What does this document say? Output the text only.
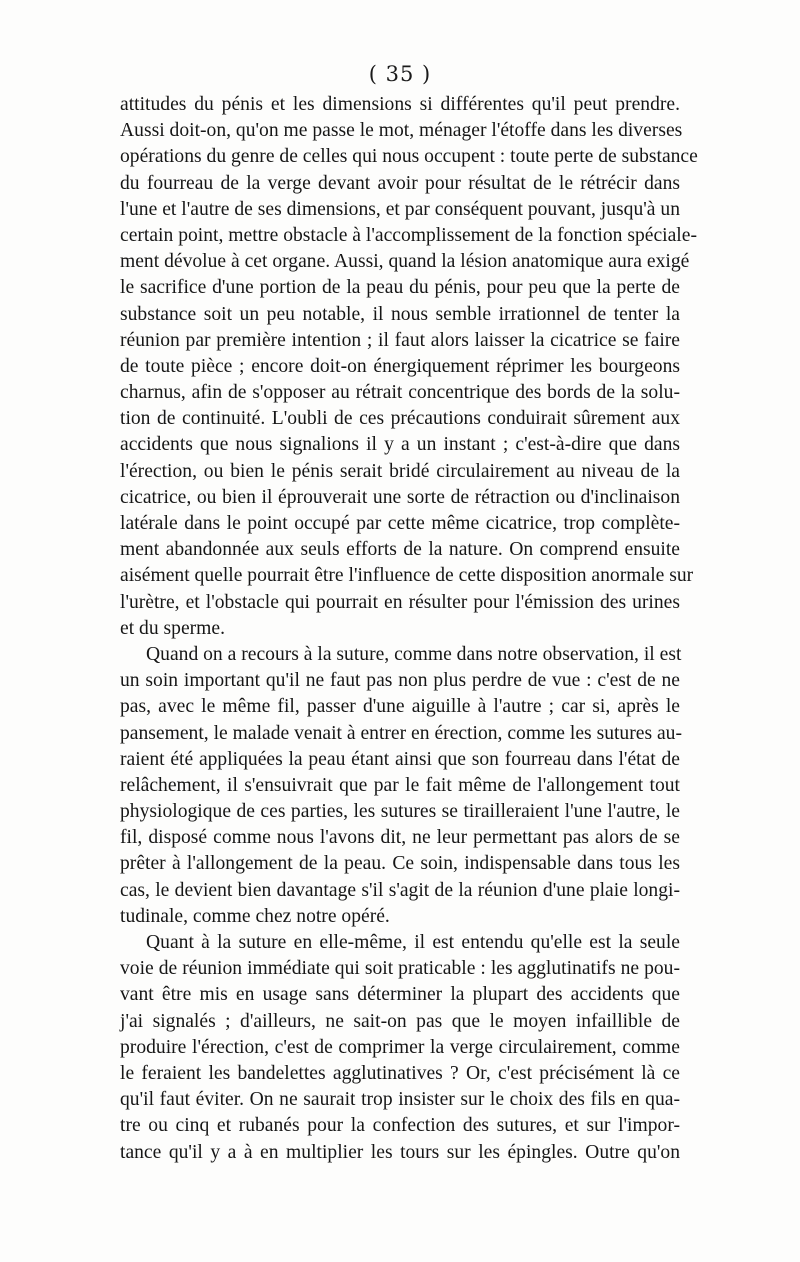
( 35 )
attitudes du pénis et les dimensions si différentes qu'il peut prendre.
Aussi doit-on, qu'on me passe le mot, ménager l'étoffe dans les diverses
opérations du genre de celles qui nous occupent : toute perte de substance
du fourreau de la verge devant avoir pour résultat de le rétrécir dans
l'une et l'autre de ses dimensions, et par conséquent pouvant, jusqu'à un
certain point, mettre obstacle à l'accomplissement de la fonction spéciale-
ment dévolue à cet organe. Aussi, quand la lésion anatomique aura exigé
le sacrifice d'une portion de la peau du pénis, pour peu que la perte de
substance soit un peu notable, il nous semble irrationnel de tenter la
réunion par première intention ; il faut alors laisser la cicatrice se faire
de toute pièce ; encore doit-on énergiquement réprimer les bourgeons
charnus, afin de s'opposer au rétrait concentrique des bords de la solu-
tion de continuité. L'oubli de ces précautions conduirait sûrement aux
accidents que nous signalions il y a un instant ; c'est-à-dire que dans
l'érection, ou bien le pénis serait bridé circulairement au niveau de la
cicatrice, ou bien il éprouverait une sorte de rétraction ou d'inclinaison
latérale dans le point occupé par cette même cicatrice, trop complète-
ment abandonnée aux seuls efforts de la nature. On comprend ensuite
aisément quelle pourrait être l'influence de cette disposition anormale sur
l'urètre, et l'obstacle qui pourrait en résulter pour l'émission des urines
et du sperme.
Quand on a recours à la suture, comme dans notre observation, il est
un soin important qu'il ne faut pas non plus perdre de vue : c'est de ne
pas, avec le même fil, passer d'une aiguille à l'autre ; car si, après le
pansement, le malade venait à entrer en érection, comme les sutures au-
raient été appliquées la peau étant ainsi que son fourreau dans l'état de
relâchement, il s'ensuivrait que par le fait même de l'allongement tout
physiologique de ces parties, les sutures se tirailleraient l'une l'autre, le
fil, disposé comme nous l'avons dit, ne leur permettant pas alors de se
prêter à l'allongement de la peau. Ce soin, indispensable dans tous les
cas, le devient bien davantage s'il s'agit de la réunion d'une plaie longi-
tudinale, comme chez notre opéré.
Quant à la suture en elle-même, il est entendu qu'elle est la seule
voie de réunion immédiate qui soit praticable : les agglutinatifs ne pou-
vant être mis en usage sans déterminer la plupart des accidents que
j'ai signalés ; d'ailleurs, ne sait-on pas que le moyen infaillible de
produire l'érection, c'est de comprimer la verge circulairement, comme
le feraient les bandelettes agglutinatives ? Or, c'est précisément là ce
qu'il faut éviter. On ne saurait trop insister sur le choix des fils en qua-
tre ou cinq et rubanés pour la confection des sutures, et sur l'impor-
tance qu'il y a à en multiplier les tours sur les épingles. Outre qu'on
